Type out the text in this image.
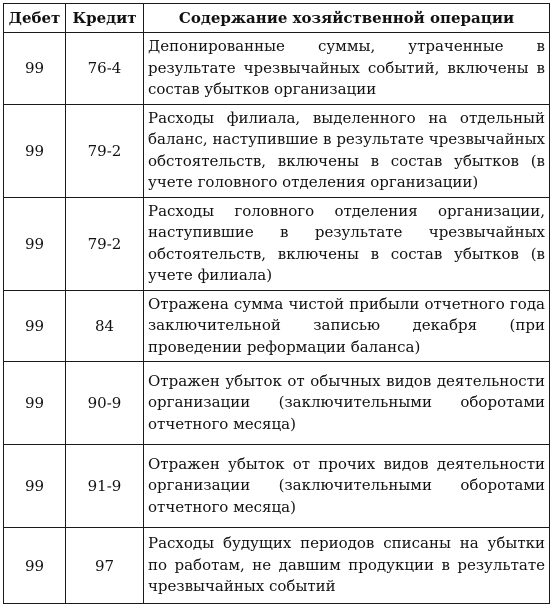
Дебет	Кредит	Содержание хозяйственной операции
99	76-4	Депонированные суммы, утраченные в результате чрезвычайных событий, включены в состав убытков организации
99	79-2	Расходы филиала, выделенного на отдельный баланс, наступившие в результате чрезвычайных обстоятельств, включены в состав убытков (в учете головного отделения организации)
99	79-2	Расходы головного отделения организации, наступившие в результате чрезвычайных обстоятельств, включены в состав убытков (в учете филиала)
99	84	Отражена сумма чистой прибыли отчетного года заключительной записью декабря (при проведении реформации баланса)
99	90-9	Отражен убыток от обычных видов деятельности организации (заключительными оборотами отчетного месяца)
99	91-9	Отражен убыток от прочих видов деятельности организации (заключительными оборотами отчетного месяца)
99	97	Расходы будущих периодов списаны на убытки по работам, не давшим продукции в результате чрезвычайных событий
